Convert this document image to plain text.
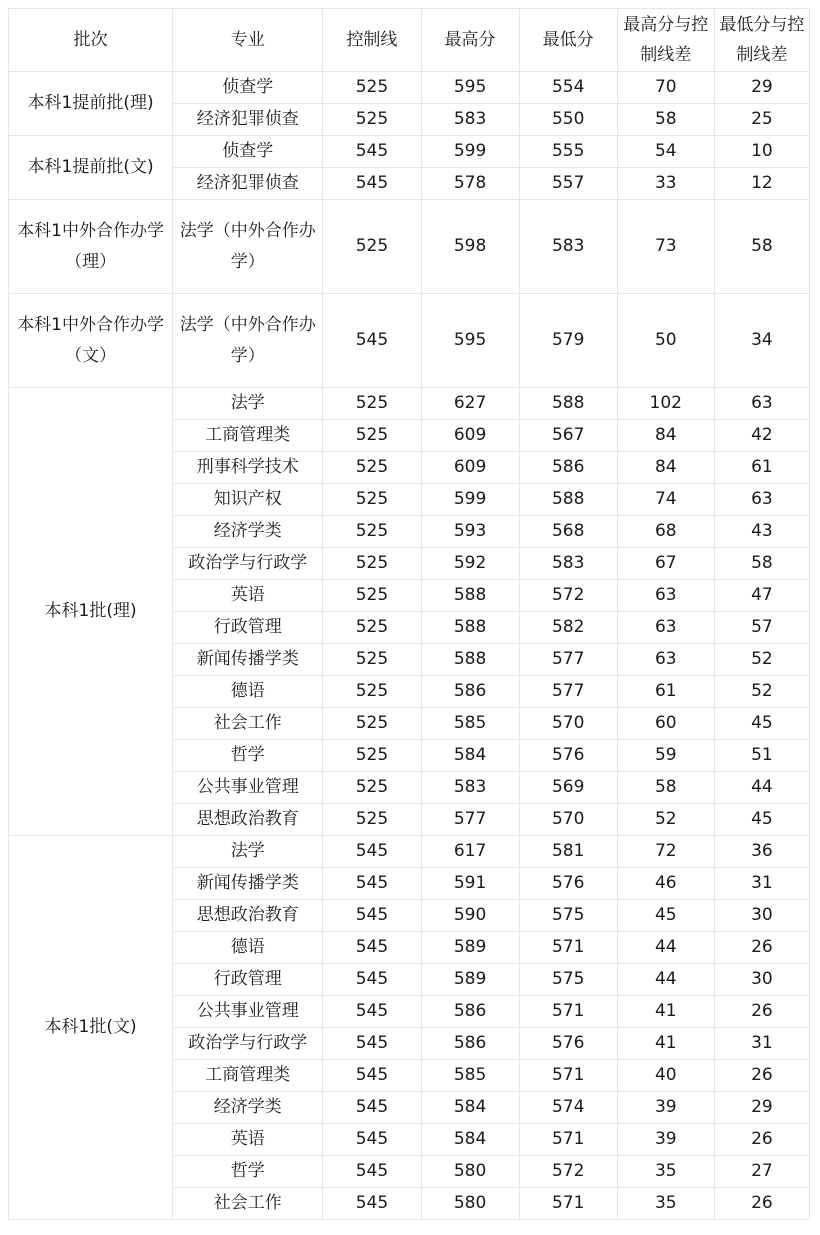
批次	专业	控制线	最高分	最低分	最高分与控制线差	最低分与控制线差
本科1提前批(理)	侦查学	525	595	554	70	29
	经济犯罪侦查	525	583	550	58	25
本科1提前批(文)	侦查学	545	599	555	54	10
	经济犯罪侦查	545	578	557	33	12
本科1中外合作办学（理）	法学（中外合作办学）	525	598	583	73	58
本科1中外合作办学（文）	法学（中外合作办学）	545	595	579	50	34
本科1批(理)	法学	525	627	588	102	63
	工商管理类	525	609	567	84	42
	刑事科学技术	525	609	586	84	61
	知识产权	525	599	588	74	63
	经济学类	525	593	568	68	43
	政治学与行政学	525	592	583	67	58
	英语	525	588	572	63	47
	行政管理	525	588	582	63	57
	新闻传播学类	525	588	577	63	52
	德语	525	586	577	61	52
	社会工作	525	585	570	60	45
	哲学	525	584	576	59	51
	公共事业管理	525	583	569	58	44
	思想政治教育	525	577	570	52	45
本科1批(文)	法学	545	617	581	72	36
	新闻传播学类	545	591	576	46	31
	思想政治教育	545	590	575	45	30
	德语	545	589	571	44	26
	行政管理	545	589	575	44	30
	公共事业管理	545	586	571	41	26
	政治学与行政学	545	586	576	41	31
	工商管理类	545	585	571	40	26
	经济学类	545	584	574	39	29
	英语	545	584	571	39	26
	哲学	545	580	572	35	27
	社会工作	545	580	571	35	26
